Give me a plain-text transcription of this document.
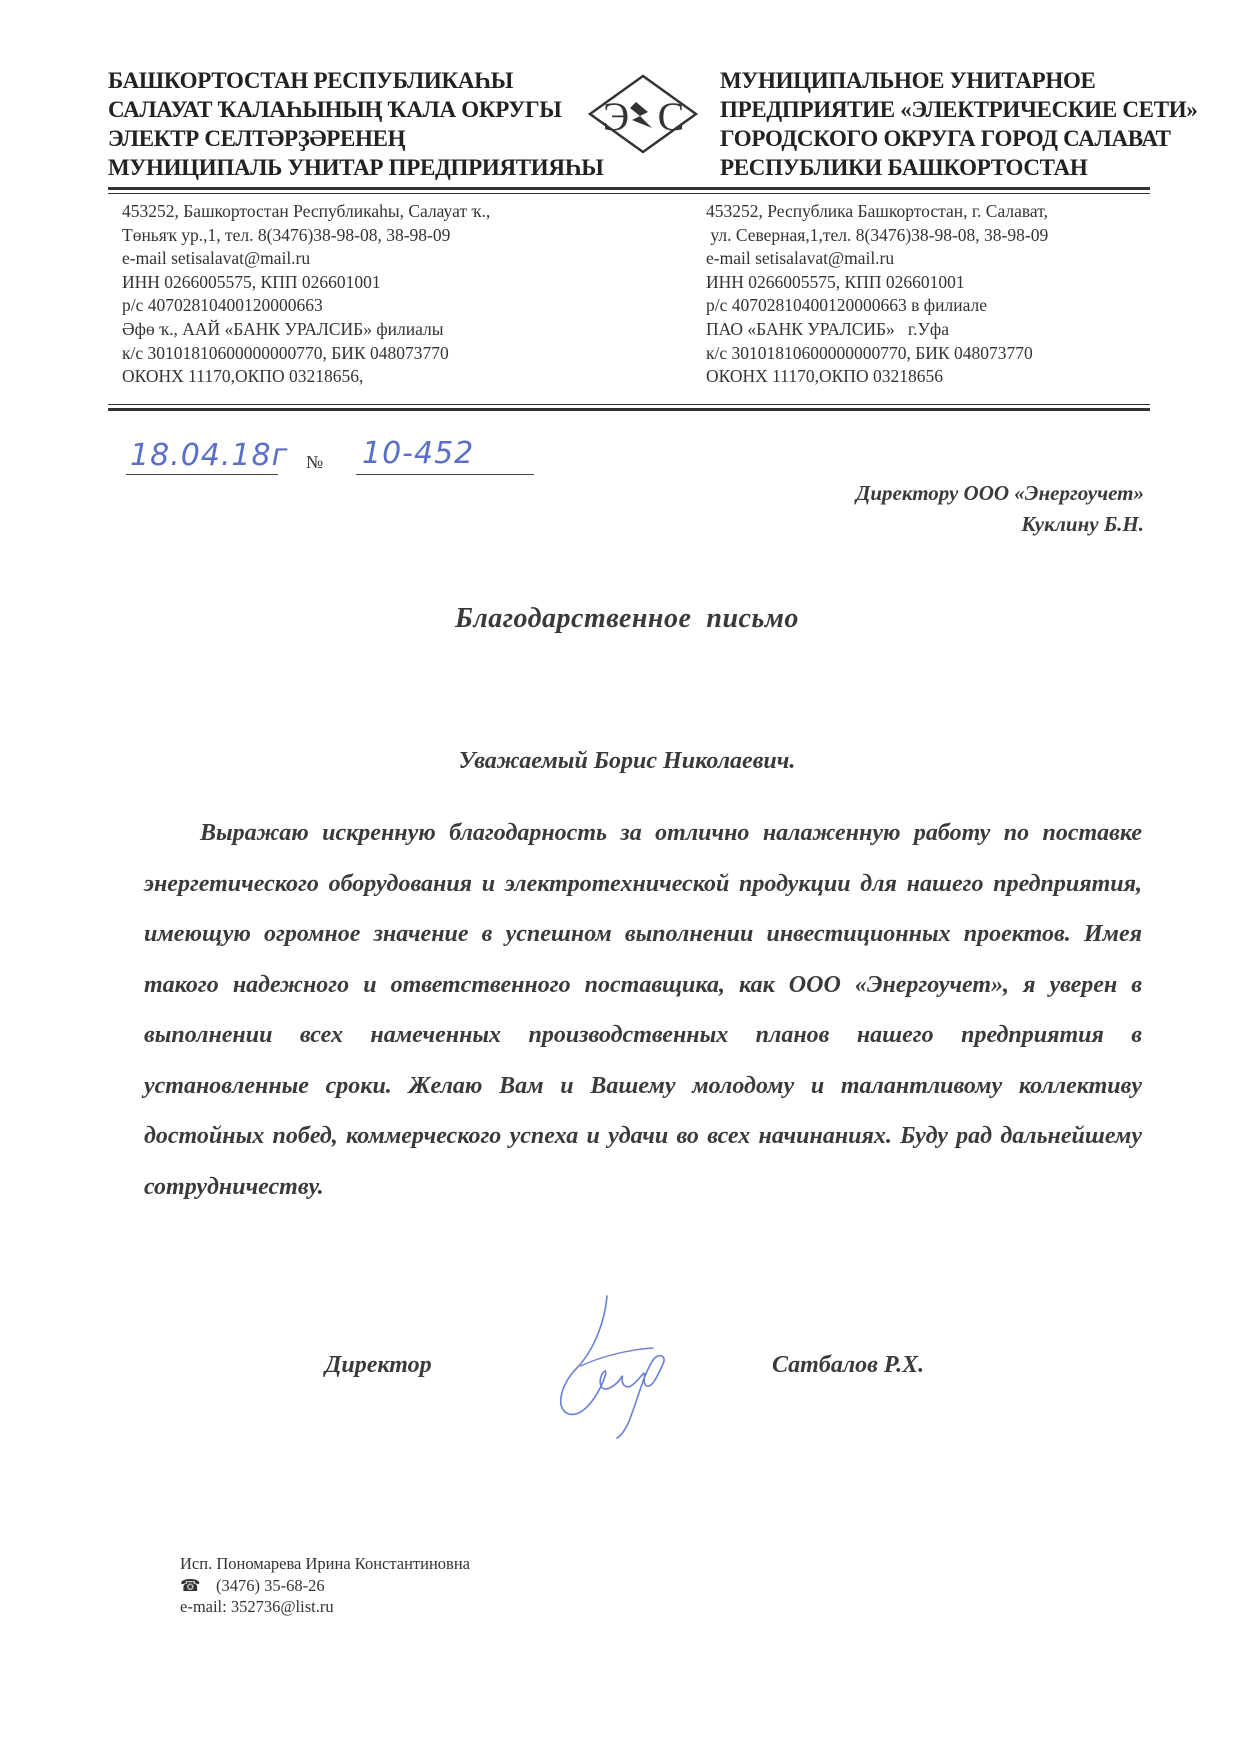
БАШКОРТОСТАН РЕСПУБЛИКАҺЫ
САЛАУАТ ҠАЛАҺЫНЫҢ ҠАЛА ОКРУГЫ
ЭЛЕКТР СЕЛТӘРҘӘРЕНЕҢ
МУНИЦИПАЛЬ УНИТАР ПРЕДПРИЯТИЯҺЫ
Э С
МУНИЦИПАЛЬНОЕ УНИТАРНОЕ
ПРЕДПРИЯТИЕ «ЭЛЕКТРИЧЕСКИЕ СЕТИ»
ГОРОДСКОГО ОКРУГА ГОРОД САЛАВАТ
РЕСПУБЛИКИ БАШКОРТОСТАН
453252, Башкортостан Республикаһы, Салауат ҡ.,
Төньяҡ ур.,1, тел. 8(3476)38-98-08, 38-98-09
e-mail setisalavat@mail.ru
ИНН 0266005575, КПП 026601001
р/с 40702810400120000663
Әфө ҡ., ААЙ «БАНК УРАЛСИБ» филиалы
к/с 30101810600000000770, БИК 048073770
ОКОНХ 11170,ОКПО 03218656,
453252, Республика Башкортостан, г. Салават,
ул. Северная,1,тел. 8(3476)38-98-08, 38-98-09
e-mail setisalavat@mail.ru
ИНН 0266005575, КПП 026601001
р/с 40702810400120000663 в филиале
ПАО «БАНК УРАЛСИБ»   г.Уфа
к/с 30101810600000000770, БИК 048073770
ОКОНХ 11170,ОКПО 03218656
18.04.18г № 10-452
Директору ООО «Энергоучет»
Куклину Б.Н.
Благодарственное  письмо
Уважаемый Борис Николаевич.
Выражаю искренную благодарность за отлично налаженную работу по поставке энергетического оборудования и электротехнической продукции для нашего предприятия, имеющую огромное значение в успешном выполнении инвестиционных проектов. Имея такого надежного и ответственного поставщика, как ООО «Энергоучет», я уверен в выполнении всех намеченных производственных планов нашего предприятия в установленные сроки. Желаю Вам и Вашему молодому и талантливому коллективу достойных побед, коммерческого успеха и удачи во всех начинаниях. Буду рад дальнейшему сотрудничеству.
Директор	Сатбалов Р.Х.
Исп. Пономарева Ирина Константиновна
☎ (3476) 35-68-26
e-mail: 352736@list.ru
